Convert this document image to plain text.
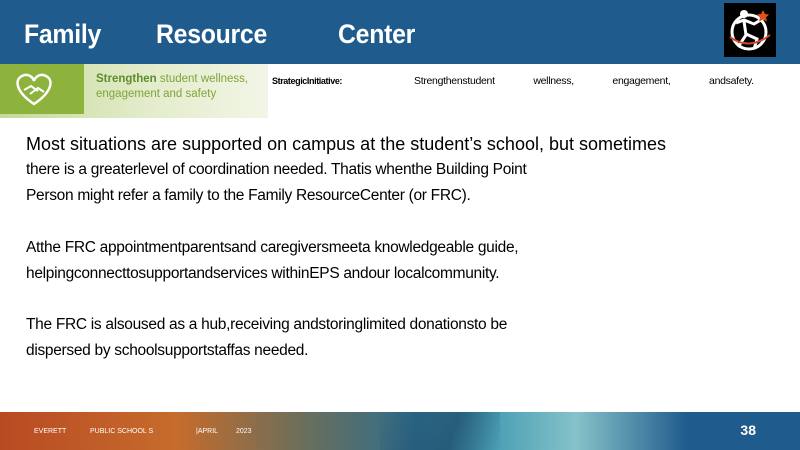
Family Resource	Center
Strengthen student wellness, engagement and safety
StrategicInitiative:	Strengthenstudent wellness, engagement, andsafety.
Most situations are supported on campus at the student’s school, but sometimes
there is a greaterlevel of coordination needed. Thatis whenthe Building Point
Person might refer a family to the Family ResourceCenter (or FRC).
Atthe FRC appointmentparentsand caregiversmeeta knowledgeable guide,
helpingconnecttosupportandservices withinEPS andour localcommunity.
The FRC is alsoused as a hub,receiving andstoringlimited donationsto be
dispersed by schoolsupportstaffas needed.
EVERETT	PUBLIC SCHOOL S	|APRIL	2023	38
